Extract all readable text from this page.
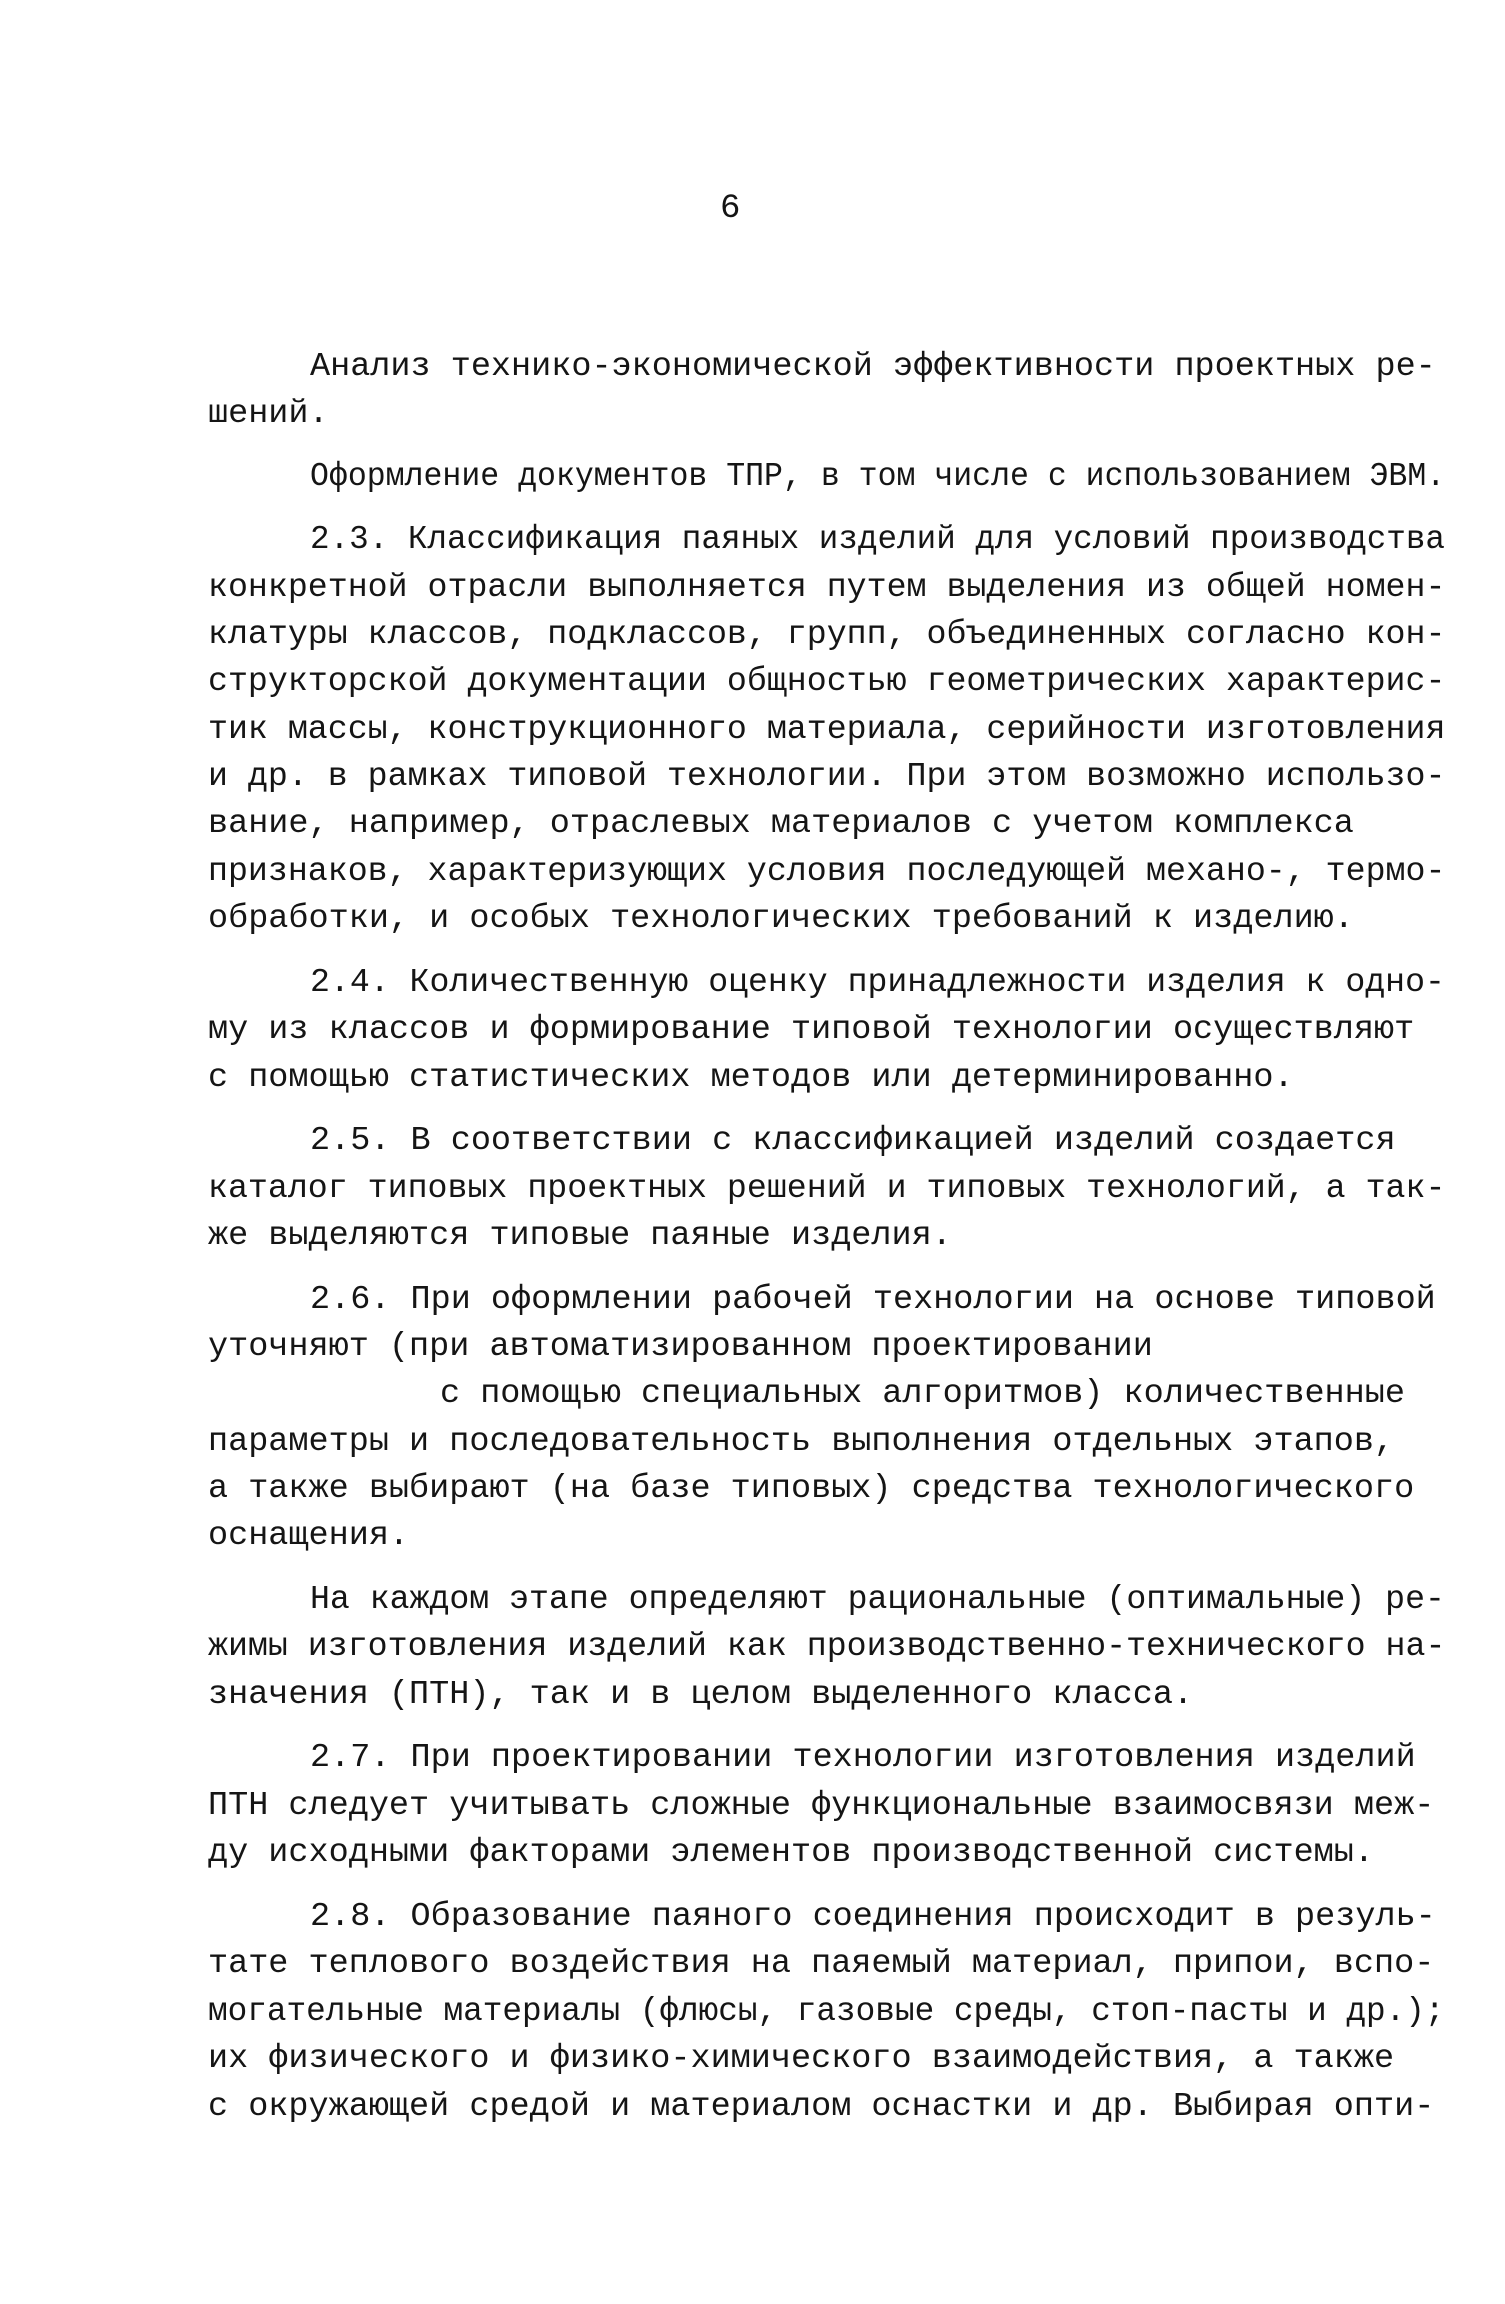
6
Анализ технико-экономической эффективности проектных ре-
шений.
Оформление документов ТПР, в том числе с использованием ЭВМ.
2.3. Классификация паяных изделий для условий производства
конкретной отрасли выполняется путем выделения из общей номен-
клатуры классов, подклассов, групп, объединенных согласно кон-
структорской документации общностью геометрических характерис-
тик массы, конструкционного материала, серийности изготовления
и др. в рамках типовой технологии. При этом возможно использо-
вание, например, отраслевых материалов с учетом комплекса
признаков, характеризующих условия последующей механо-, термо-
обработки, и особых технологических требований к изделию.
2.4. Количественную оценку принадлежности изделия к одно-
му из классов и формирование типовой технологии осуществляют
с помощью статистических методов или детерминированно.
2.5. В соответствии с классификацией изделий создается
каталог типовых проектных решений и типовых технологий, а так-
же выделяются типовые паяные изделия.
2.6. При оформлении рабочей технологии на основе типовой
уточняют (при автоматизированном проектировании
с помощью специальных алгоритмов) количественные
параметры и последовательность выполнения отдельных этапов,
а также выбирают (на базе типовых) средства технологического
оснащения.
На каждом этапе определяют рациональные (оптимальные) ре-
жимы изготовления изделий как производственно-технического на-
значения (ПТН), так и в целом выделенного класса.
2.7. При проектировании технологии изготовления изделий
ПТН следует учитывать сложные функциональные взаимосвязи меж-
ду исходными факторами элементов производственной системы.
2.8. Образование паяного соединения происходит в резуль-
тате теплового воздействия на паяемый материал, припои, вспо-
могательные материалы (флюсы, газовые среды, стоп-пасты и др.);
их физического и физико-химического взаимодействия, а также
с окружающей средой и материалом оснастки и др. Выбирая опти-
